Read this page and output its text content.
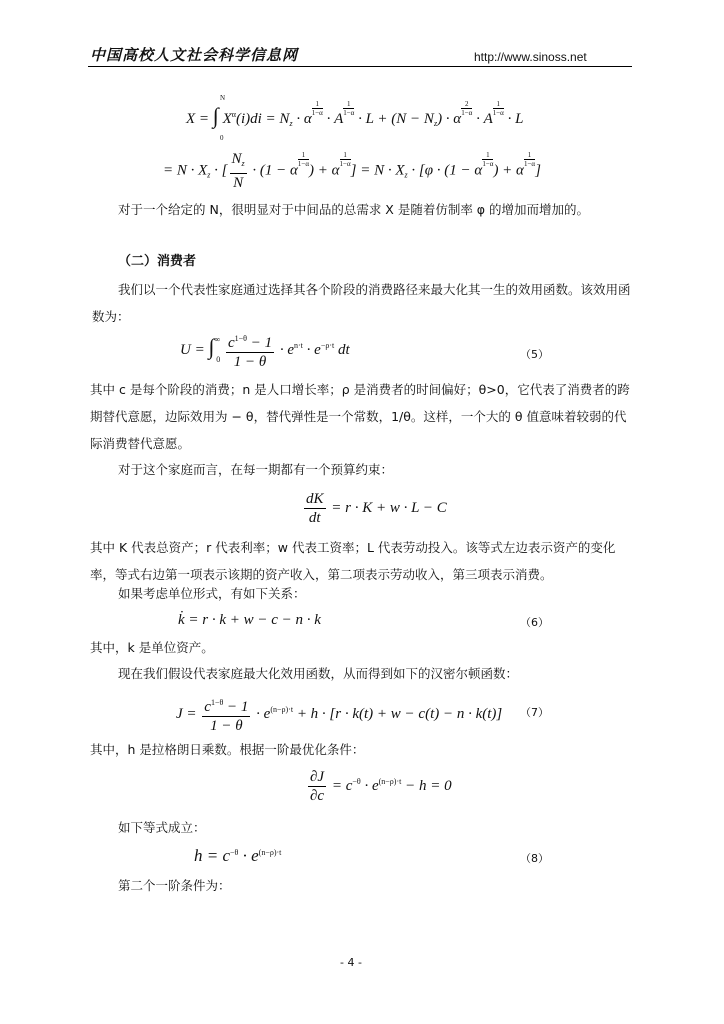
中国高校人文社会科学信息网	http://www.sinoss.net
N
0
X = ∫ $X^\alpha(i)di = N_z \cdot \alpha$
$\frac{1}{1-\alpha}$
· A
$\frac{1}{1-\alpha}$
· $L + (N - N_z) \cdot \alpha$
$\frac{2}{1-\alpha}$
· A
$\frac{1}{1-\alpha}$
· L
= $N \cdot X_z$ · [ $\frac{N_z}{N} \cdot (1 - \alpha$
$\frac{1}{1-\alpha}$
) + α
$\frac{1}{1-\alpha}$
] = $N \cdot X_z \cdot [\varphi \cdot (1 - \alpha$
$\frac{1}{1-\alpha}$
) + α
$\frac{1}{1-\alpha}$
]
对于一个给定的 N，很明显对于中间品的总需求 X 是随着仿制率 φ 的增加而增加的。
（二）消费者
我们以一个代表性家庭通过选择其各个阶段的消费路径来最大化其一生的效用函数。该效用函数为：
$U = \int^\infty_0 \frac{c^{1-\theta} - 1}{1 - \theta} \cdot e^{n\cdot t} \cdot e^{-\rho\cdot t}$ dt	（5）
其中 c 是每个阶段的消费；n 是人口增长率；ρ 是消费者的时间偏好；θ>0，它代表了消费者的跨期替代意愿，边际效用为 − θ，替代弹性是一个常数，1/θ。这样，一个大的 θ 值意味着较弱的代际消费替代意愿。
对于这个家庭而言，在每一期都有一个预算约束：
$\frac{dK}{dt} = r \cdot K + w \cdot L - C$
其中 K 代表总资产；r 代表利率；w 代表工资率；L 代表劳动投入。该等式左边表示资产的变化率，等式右边第一项表示该期的资产收入，第二项表示劳动收入，第三项表示消费。
如果考虑单位形式，有如下关系：
k̇ = r · k + w − c − n · k	（6）
其中，k 是单位资产。
现在我们假设代表家庭最大化效用函数，从而得到如下的汉密尔顿函数：
$J = \frac{c^{1-\theta} - 1}{1 - \theta} \cdot e^{(n-\rho)\cdot t} + h \cdot [r \cdot k(t) + w - c(t) - n \cdot k(t)]$ （7）
其中，h 是拉格朗日乘数。根据一阶最优化条件：
$\frac{\partial J}{\partial c} = c^{-\theta} \cdot e^{(n-\rho)\cdot t} - h = 0$
如下等式成立：
$h = c^{-\theta} \cdot e^{(n-\rho)\cdot t}$	（8）
第二个一阶条件为：
- 4 -
